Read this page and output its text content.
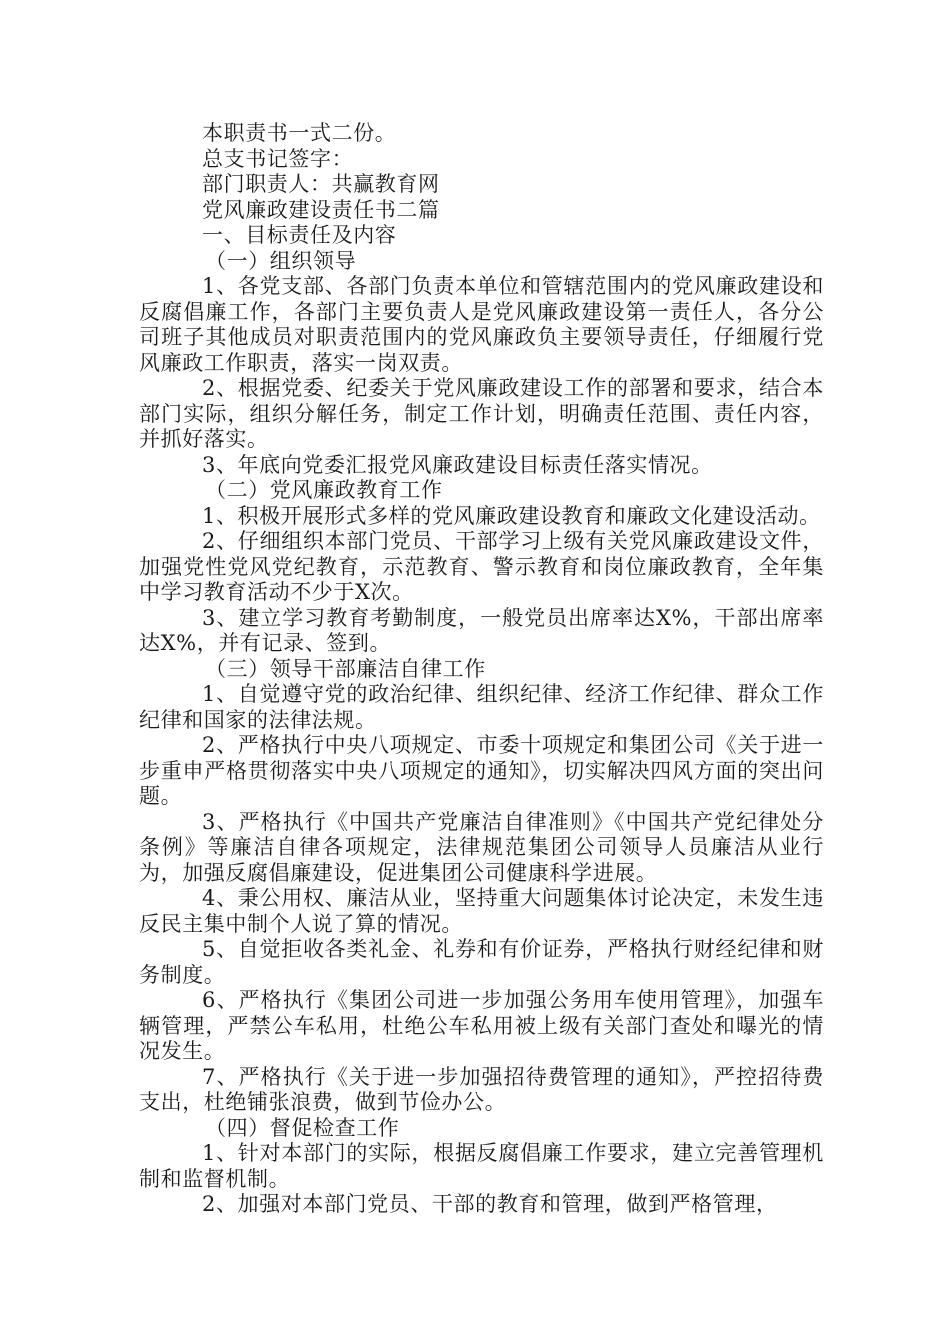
本职责书一式二份。

总支书记签字：

部门职责人：共赢教育网

党风廉政建设责任书二篇

一、目标责任及内容

（一）组织领导

1、各党支部、各部门负责本单位和管辖范围内的党风廉政建设和反腐倡廉工作，各部门主要负责人是党风廉政建设第一责任人，各分公司班子其他成员对职责范围内的党风廉政负主要领导责任，仔细履行党风廉政工作职责，落实一岗双责。

2、根据党委、纪委关于党风廉政建设工作的部署和要求，结合本部门实际，组织分解任务，制定工作计划，明确责任范围、责任内容，并抓好落实。

3、年底向党委汇报党风廉政建设目标责任落实情况。

（二）党风廉政教育工作

1、积极开展形式多样的党风廉政建设教育和廉政文化建设活动。

2、仔细组织本部门党员、干部学习上级有关党风廉政建设文件，加强党性党风党纪教育，示范教育、警示教育和岗位廉政教育，全年集中学习教育活动不少于X次。

3、建立学习教育考勤制度，一般党员出席率达X%，干部出席率达X%，并有记录、签到。

（三）领导干部廉洁自律工作

1、自觉遵守党的政治纪律、组织纪律、经济工作纪律、群众工作纪律和国家的法律法规。

2、严格执行中央八项规定、市委十项规定和集团公司《关于进一步重申严格贯彻落实中央八项规定的通知》，切实解决四风方面的突出问题。

3、严格执行《中国共产党廉洁自律准则》《中国共产党纪律处分条例》等廉洁自律各项规定，法律规范集团公司领导人员廉洁从业行为，加强反腐倡廉建设，促进集团公司健康科学进展。

4、秉公用权、廉洁从业，坚持重大问题集体讨论决定，未发生违反民主集中制个人说了算的情况。

5、自觉拒收各类礼金、礼券和有价证券，严格执行财经纪律和财务制度。

6、严格执行《集团公司进一步加强公务用车使用管理》，加强车辆管理，严禁公车私用，杜绝公车私用被上级有关部门查处和曝光的情况发生。

7、严格执行《关于进一步加强招待费管理的通知》，严控招待费支出，杜绝铺张浪费，做到节俭办公。

（四）督促检查工作

1、针对本部门的实际，根据反腐倡廉工作要求，建立完善管理机制和监督机制。

2、加强对本部门党员、干部的教育和管理，做到严格管理，
